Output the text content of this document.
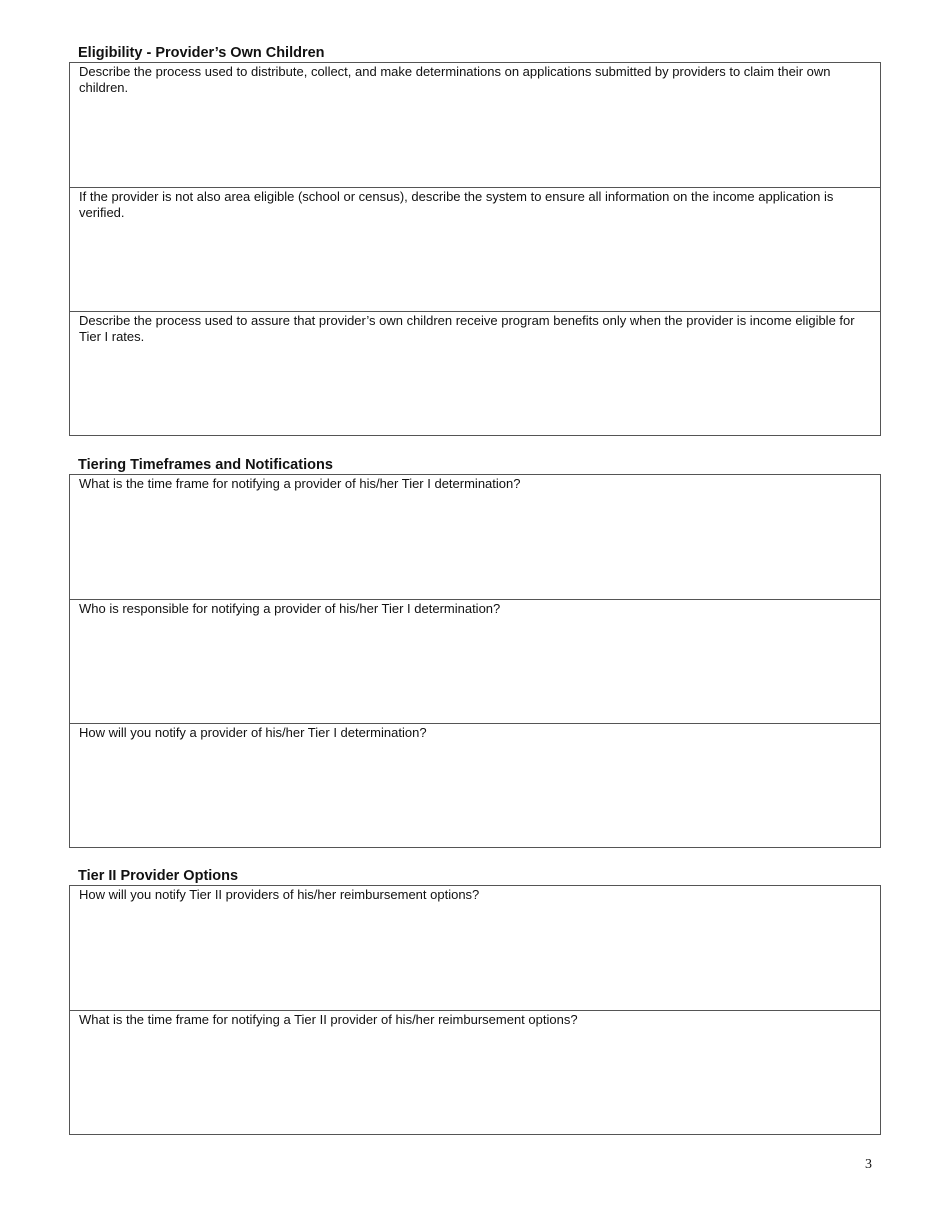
Eligibility - Provider’s Own Children
Describe the process used to distribute, collect, and make determinations on applications submitted by providers to claim their own children.
If the provider is not also area eligible (school or census), describe the system to ensure all information on the income application is verified.
Describe the process used to assure that provider’s own children receive program benefits only when the provider is income eligible for Tier I rates.
Tiering Timeframes and Notifications
What is the time frame for notifying a provider of his/her Tier I determination?
Who is responsible for notifying a provider of his/her Tier I determination?
How will you notify a provider of his/her Tier I determination?
Tier II Provider Options
How will you notify Tier II providers of his/her reimbursement options?
What is the time frame for notifying a Tier II provider of his/her reimbursement options?
3
